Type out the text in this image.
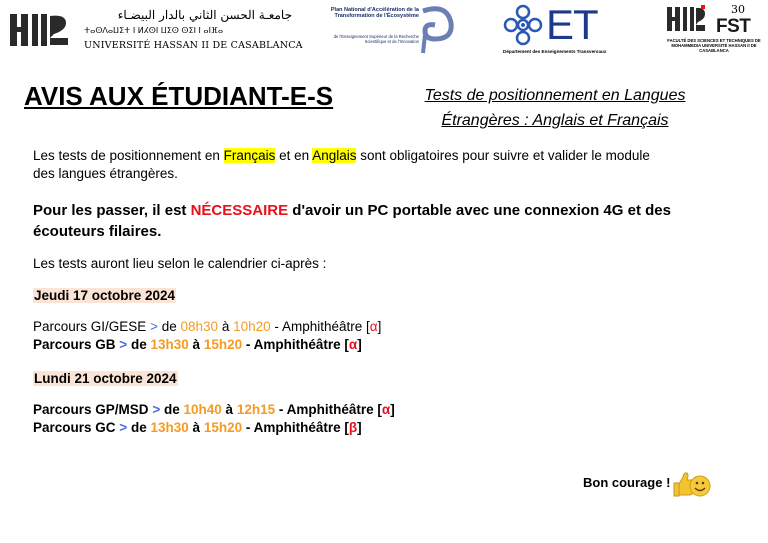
جامعـة الحسن الثاني بالدار البيضـاء
ⵜⴰⵙⴷⴰⵡⵉⵜ ⵏ ⵍⵃⵙⵏ ⵡⵉⵙ ⵙⵉⵏ ⵏ ⴰⵏⴼⴰ
UNIVERSITÉ HASSAN II DE CASABLANCA
Plan National d'Accélération de la Transformation de l'Écosystème
de l'Enseignement Supérieur de la Recherche Scientifique et de l'Innovation	ET
Département des Enseignements Transversaux
30
FST
FACULTÉ DES SCIENCES ET TECHNIQUES DE MOHAMMEDIA UNIVERSITÉ HASSAN II DE CASABLANCA
AVIS AUX ÉTUDIANT-E-S	Tests de positionnement en Langues
Étrangères : Anglais et Français
Les tests de positionnement en Français et en Anglais sont obligatoires pour suivre et valider le module
des langues étrangères.
Pour les passer, il est NÉCESSAIRE d'avoir un PC portable avec une connexion 4G et des
écouteurs filaires.
Les tests auront lieu selon le calendrier ci-après :
Jeudi 17 octobre 2024
Parcours GI/GESE > de 08h30 à 10h20 - Amphithéâtre [α]
Parcours GB > de 13h30 à 15h20 - Amphithéâtre [α]
Lundi 21 octobre 2024
Parcours GP/MSD > de 10h40 à 12h15 - Amphithéâtre [α]
Parcours GC > de 13h30 à 15h20 - Amphithéâtre [β]
Bon courage !
